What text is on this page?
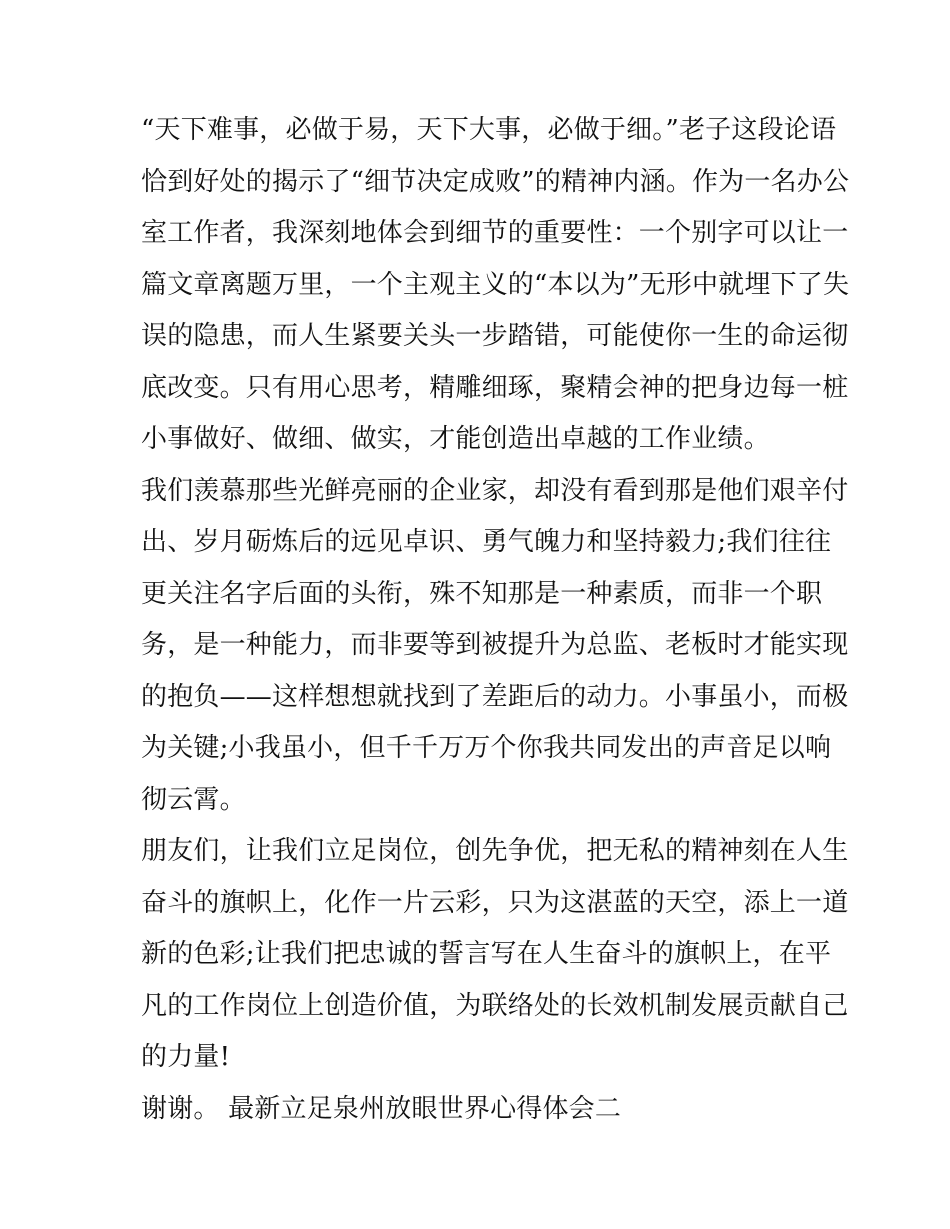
“天下难事，必做于易，天下大事，必做于细。”老子这段论语
恰到好处的揭示了“细节决定成败”的精神内涵。作为一名办公
室工作者，我深刻地体会到细节的重要性：一个别字可以让一
篇文章离题万里，一个主观主义的“本以为”无形中就埋下了失
误的隐患，而人生紧要关头一步踏错，可能使你一生的命运彻
底改变。只有用心思考，精雕细琢，聚精会神的把身边每一桩
小事做好、做细、做实，才能创造出卓越的工作业绩。
我们羡慕那些光鲜亮丽的企业家，却没有看到那是他们艰辛付
出、岁月砺炼后的远见卓识、勇气魄力和坚持毅力;我们往往
更关注名字后面的头衔，殊不知那是一种素质，而非一个职
务，是一种能力，而非要等到被提升为总监、老板时才能实现
的抱负——这样想想就找到了差距后的动力。小事虽小，而极
为关键;小我虽小，但千千万万个你我共同发出的声音足以响
彻云霄。
朋友们，让我们立足岗位，创先争优，把无私的精神刻在人生
奋斗的旗帜上，化作一片云彩，只为这湛蓝的天空，添上一道
新的色彩;让我们把忠诚的誓言写在人生奋斗的旗帜上，在平
凡的工作岗位上创造价值，为联络处的长效机制发展贡献自己
的力量!
谢谢。 最新立足泉州放眼世界心得体会二
